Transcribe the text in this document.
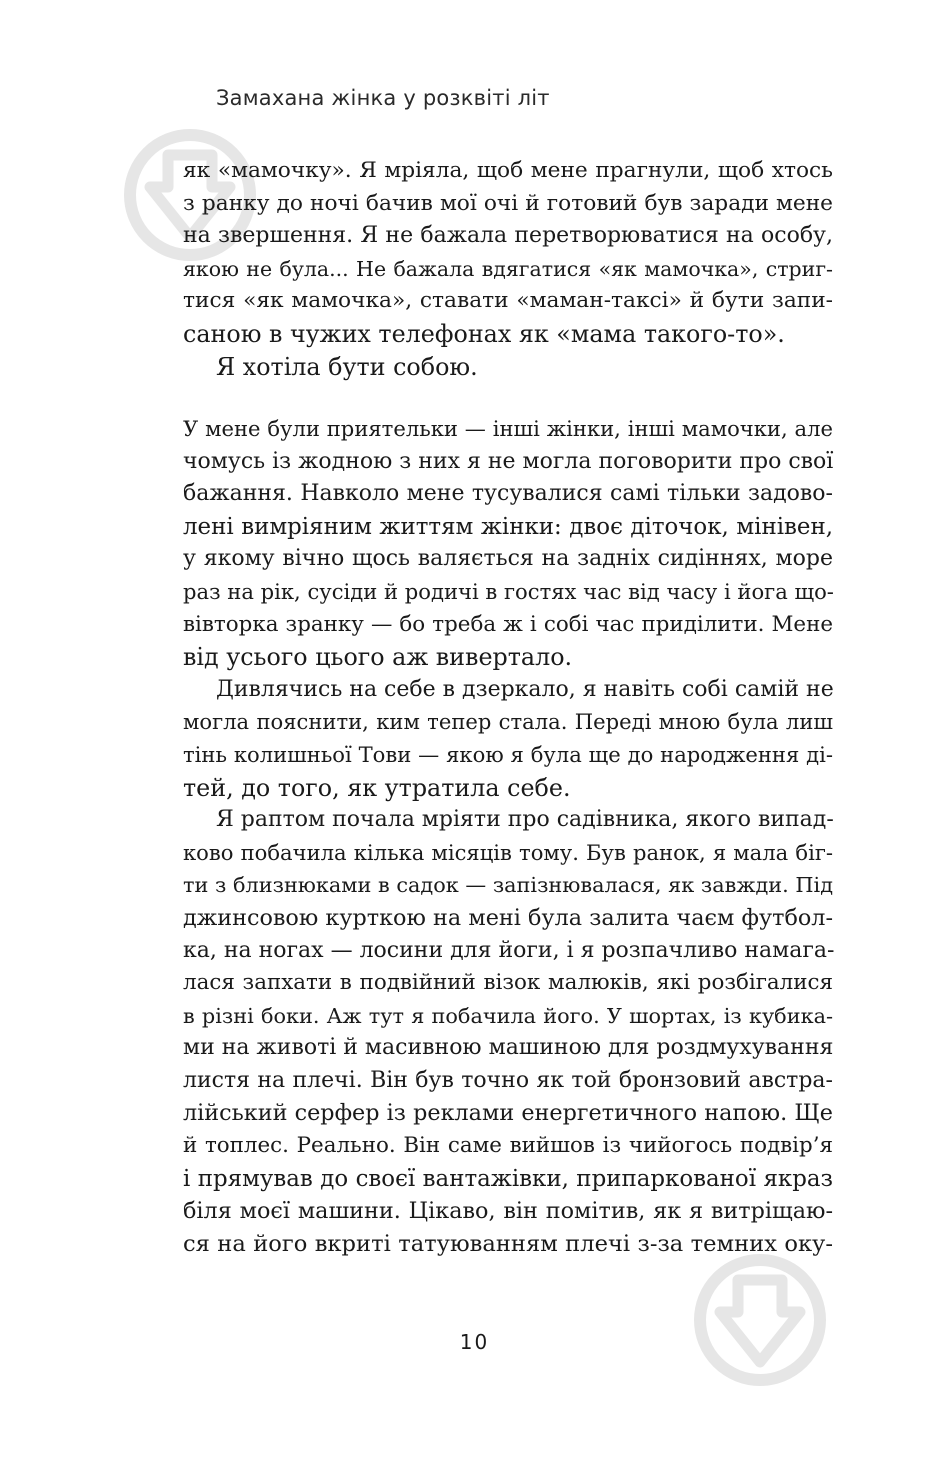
Замахана жінка у розквіті літ
як «мамочку». Я мріяла, щоб мене прагнули, щоб хтось
з ранку до ночі бачив мої очі й готовий був заради мене
на звершення. Я не бажала перетворюватися на особу,
якою не була... Не бажала вдягатися «як мамочка», стриг-
тися «як мамочка», ставати «маман-таксі» й бути запи-
саною в чужих телефонах як «мама такого-то».
Я хотіла бути собою.
У мене були приятельки — інші жінки, інші мамочки, але
чомусь із жодною з них я не могла поговорити про свої
бажання. Навколо мене тусувалися самі тільки задово-
лені вимріяним життям жінки: двоє діточок, мінівен,
у якому вічно щось валяється на задніх сидіннях, море
раз на рік, сусіди й родичі в гостях час від часу і йога що-
вівторка зранку — бо треба ж і собі час приділити. Мене
від усього цього аж вивертало.
Дивлячись на себе в дзеркало, я навіть собі самій не
могла пояснити, ким тепер стала. Переді мною була лиш
тінь колишньої Тови — якою я була ще до народження ді-
тей, до того, як утратила себе.
Я раптом почала мріяти про садівника, якого випад-
ково побачила кілька місяців тому. Був ранок, я мала біг-
ти з близнюками в садок — запізнювалася, як завжди. Під
джинсовою курткою на мені була залита чаєм футбол-
ка, на ногах — лосини для йоги, і я розпачливо намага-
лася запхати в подвійний візок малюків, які розбігалися
в різні боки. Аж тут я побачила його. У шортах, із кубика-
ми на животі й масивною машиною для роздмухування
листя на плечі. Він був точно як той бронзовий австра-
лійський серфер із реклами енергетичного напою. Ще
й топлес. Реально. Він саме вийшов із чийогось подвір’я
і прямував до своєї вантажівки, припаркованої якраз
біля моєї машини. Цікаво, він помітив, як я витріщаю-
ся на його вкриті татуюванням плечі з-за темних оку-
10
